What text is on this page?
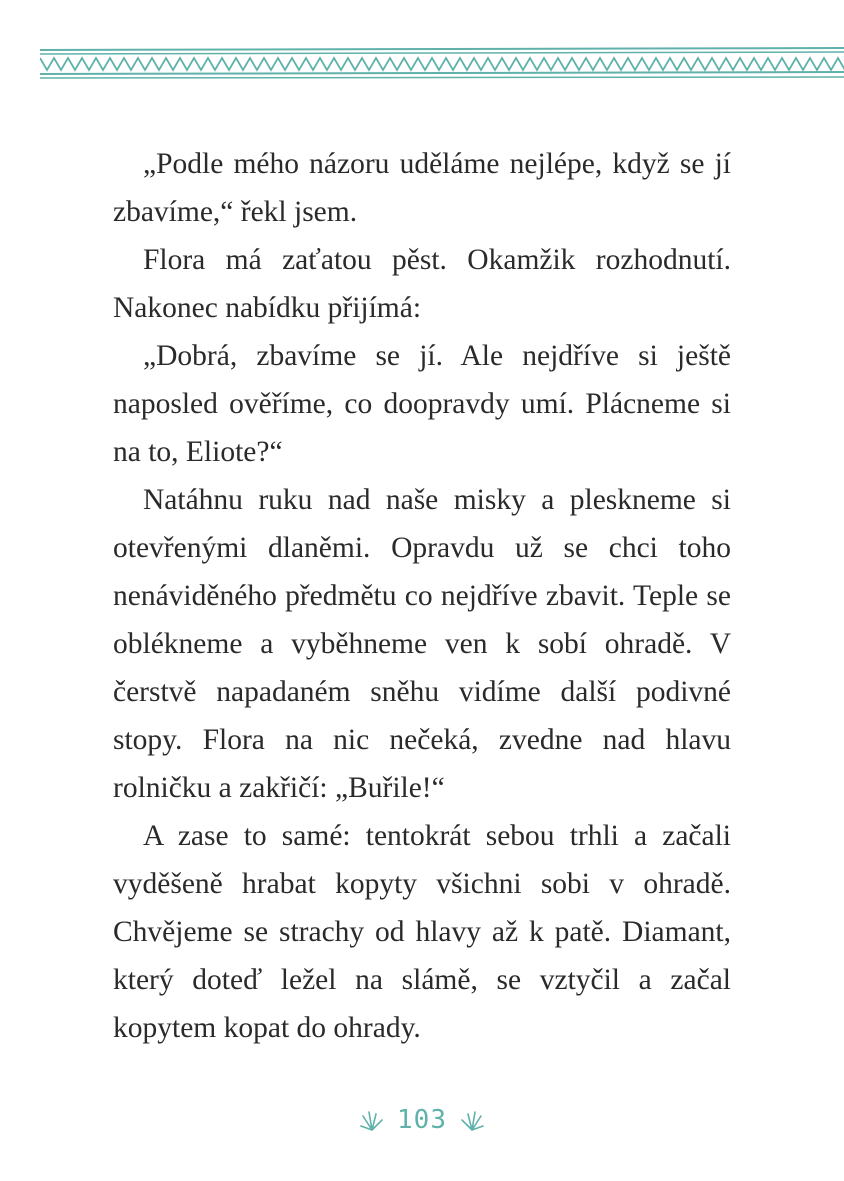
„Podle mého názoru uděláme nejlépe, když se jí zbavíme,“ řekl jsem.

Flora má zaťatou pěst. Okamžik rozhodnutí. Nakonec nabídku přijímá:

„Dobrá, zbavíme se jí. Ale nejdříve si ještě naposled ověříme, co doopravdy umí. Plácneme si na to, Eliote?“

Natáhnu ruku nad naše misky a pleskneme si otevřenými dlaněmi. Opravdu už se chci toho nenáviděného předmětu co nejdříve zbavit. Teple se oblékneme a vyběhneme ven k sobí ohradě. V čerstvě napadaném sněhu vidíme další podivné stopy. Flora na nic nečeká, zvedne nad hlavu rolničku a zakřičí: „Buřile!“

A zase to samé: tentokrát sebou trhli a začali vyděšeně hrabat kopyty všichni sobi v ohradě. Chvějeme se strachy od hlavy až k patě. Diamant, který doteď ležel na slámě, se vztyčil a začal kopytem kopat do ohrady.

103
